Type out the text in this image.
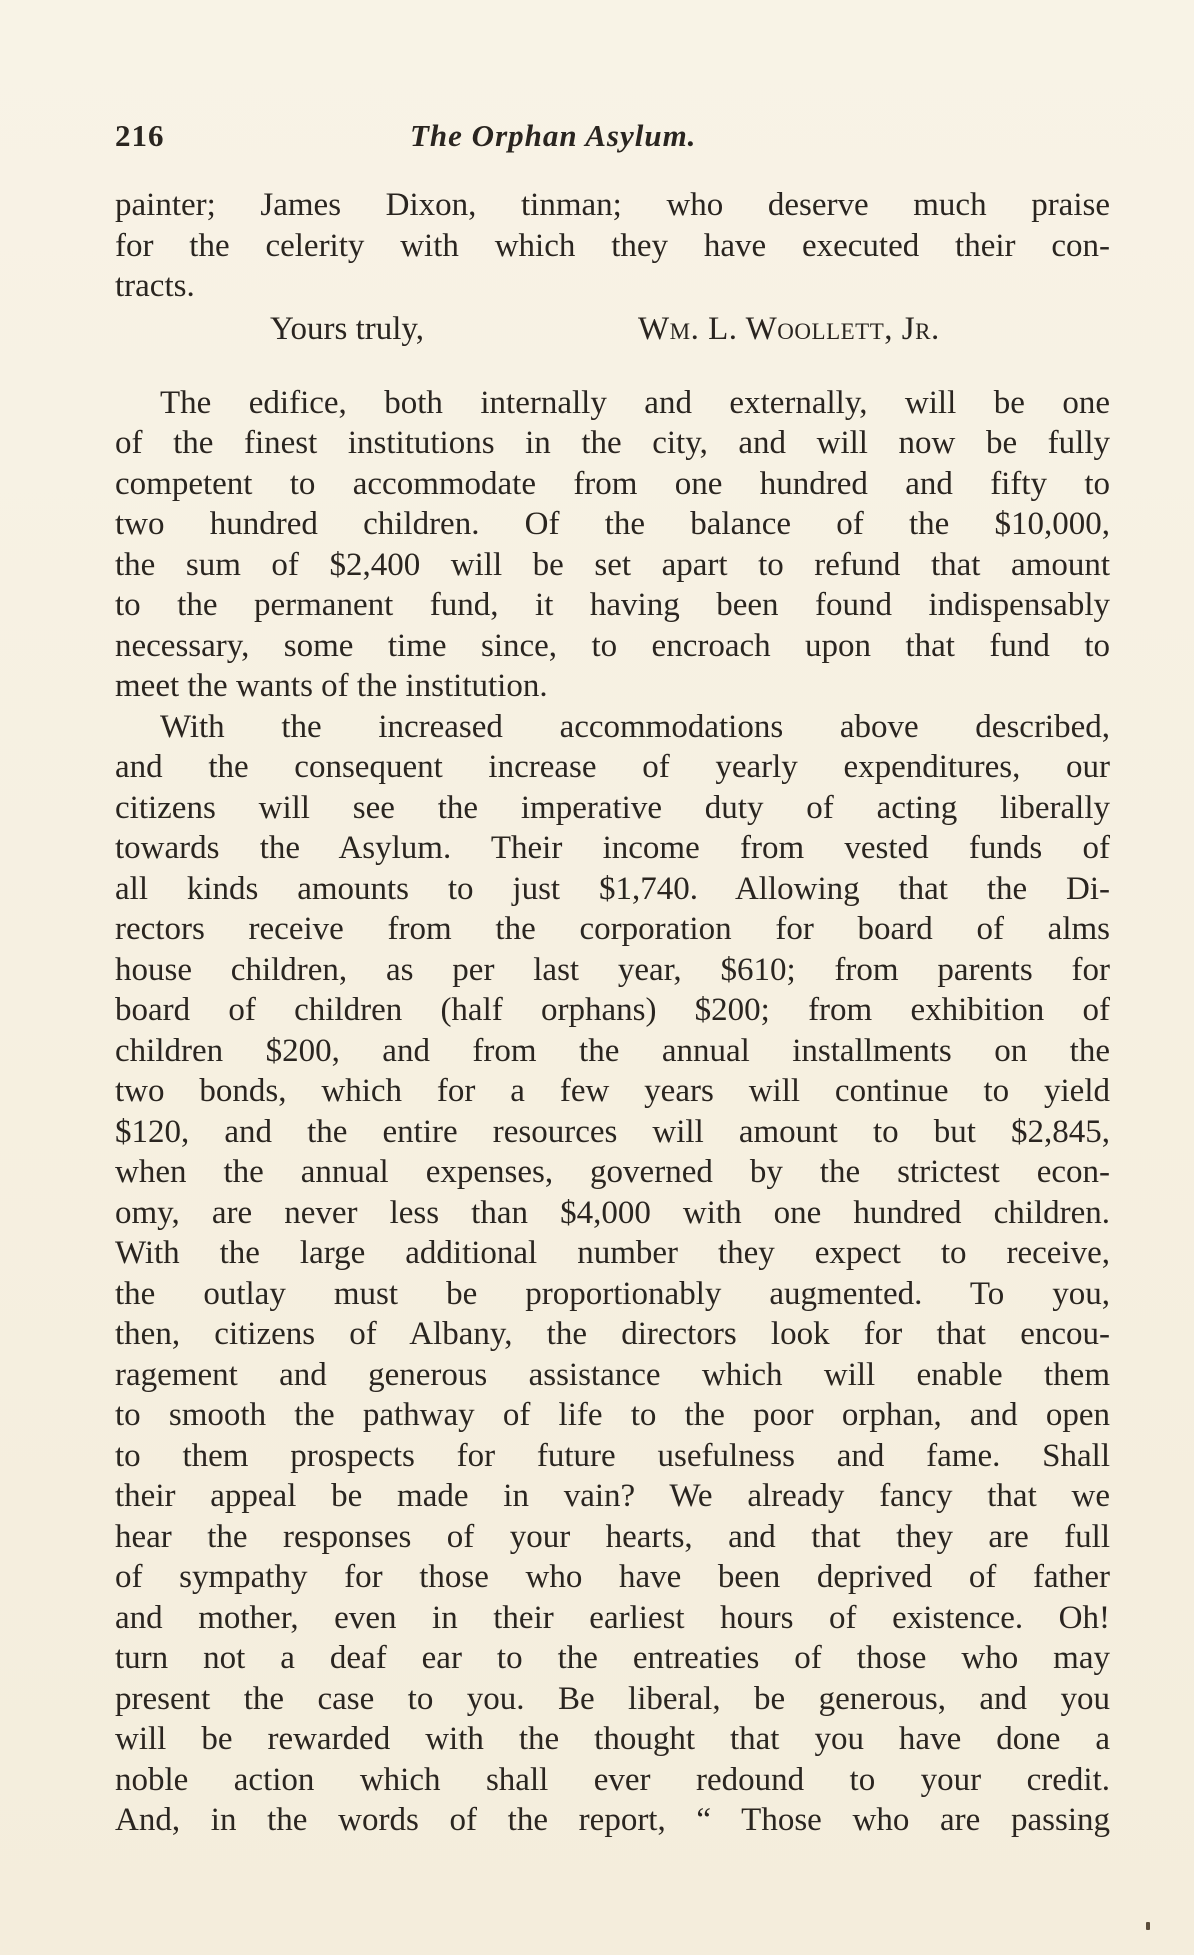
216	The Orphan Asylum.
painter; James Dixon, tinman; who deserve much praise
for the celerity with which they have executed their con-
tracts.
Yours truly,	Wm. L. Woollett, Jr.
The edifice, both internally and externally, will be one
of the finest institutions in the city, and will now be fully
competent to accommodate from one hundred and fifty to
two hundred children. Of the balance of the $10,000,
the sum of $2,400 will be set apart to refund that amount
to the permanent fund, it having been found indispensably
necessary, some time since, to encroach upon that fund to
meet the wants of the institution.
With the increased accommodations above described,
and the consequent increase of yearly expenditures, our
citizens will see the imperative duty of acting liberally
towards the Asylum. Their income from vested funds of
all kinds amounts to just $1,740. Allowing that the Di-
rectors receive from the corporation for board of alms
house children, as per last year, $610; from parents for
board of children (half orphans) $200; from exhibition of
children $200, and from the annual installments on the
two bonds, which for a few years will continue to yield
$120, and the entire resources will amount to but $2,845,
when the annual expenses, governed by the strictest econ-
omy, are never less than $4,000 with one hundred children.
With the large additional number they expect to receive,
the outlay must be proportionably augmented. To you,
then, citizens of Albany, the directors look for that encou-
ragement and generous assistance which will enable them
to smooth the pathway of life to the poor orphan, and open
to them prospects for future usefulness and fame. Shall
their appeal be made in vain? We already fancy that we
hear the responses of your hearts, and that they are full
of sympathy for those who have been deprived of father
and mother, even in their earliest hours of existence. Oh!
turn not a deaf ear to the entreaties of those who may
present the case to you. Be liberal, be generous, and you
will be rewarded with the thought that you have done a
noble action which shall ever redound to your credit.
And, in the words of the report, “ Those who are passing
